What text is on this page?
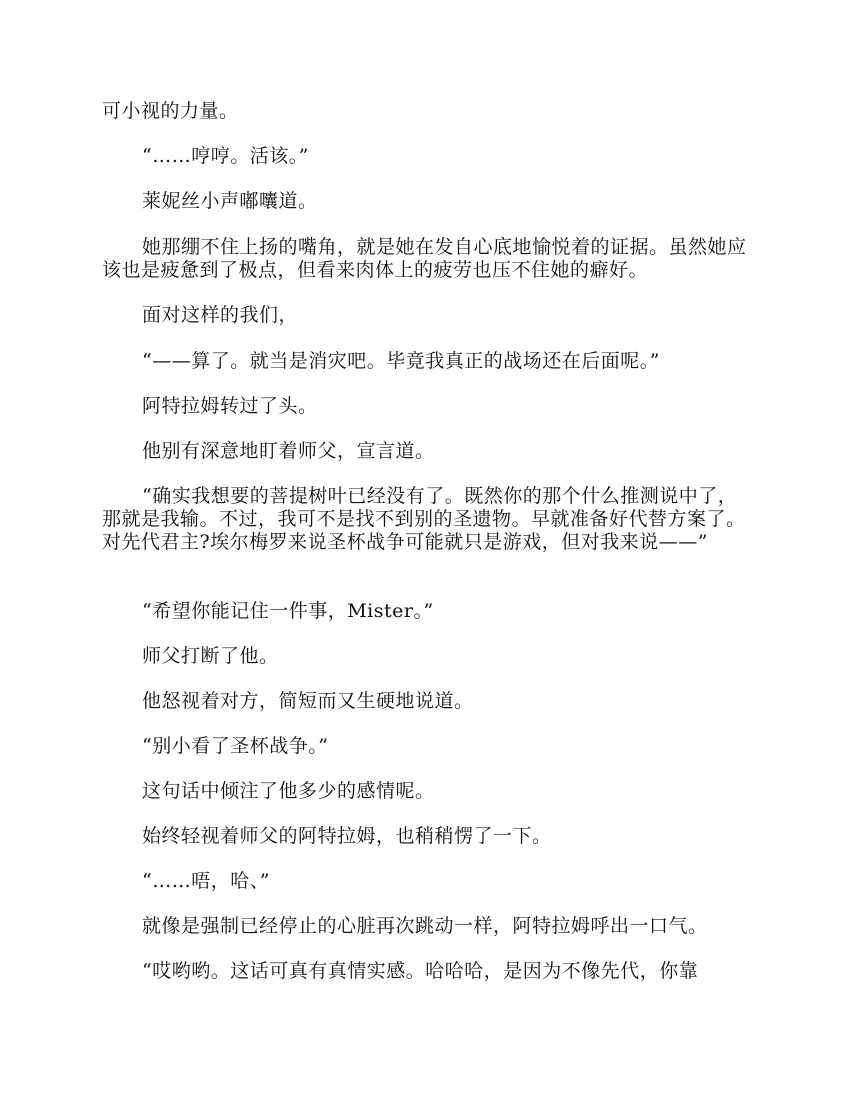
可小视的力量。

“……哼哼。活该。”

莱妮丝小声嘟囔道。

她那绷不住上扬的嘴角，就是她在发自心底地愉悦着的证据。虽然她应该也是疲惫到了极点，但看来肉体上的疲劳也压不住她的癖好。

面对这样的我们，

“——算了。就当是消灾吧。毕竟我真正的战场还在后面呢。”

阿特拉姆转过了头。

他别有深意地盯着师父，宣言道。

“确实我想要的菩提树叶已经没有了。既然你的那个什么推测说中了，那就是我输。不过，我可不是找不到别的圣遗物。早就准备好代替方案了。对先代君主?埃尔梅罗来说圣杯战争可能就只是游戏，但对我来说——”

“希望你能记住一件事，Mister。”

师父打断了他。

他怒视着对方，简短而又生硬地说道。

“别小看了圣杯战争。”

这句话中倾注了他多少的感情呢。

始终轻视着师父的阿特拉姆，也稍稍愣了一下。

“……唔，哈、”

就像是强制已经停止的心脏再次跳动一样，阿特拉姆呼出一口气。

“哎哟哟。这话可真有真情实感。哈哈哈，是因为不像先代，你靠
